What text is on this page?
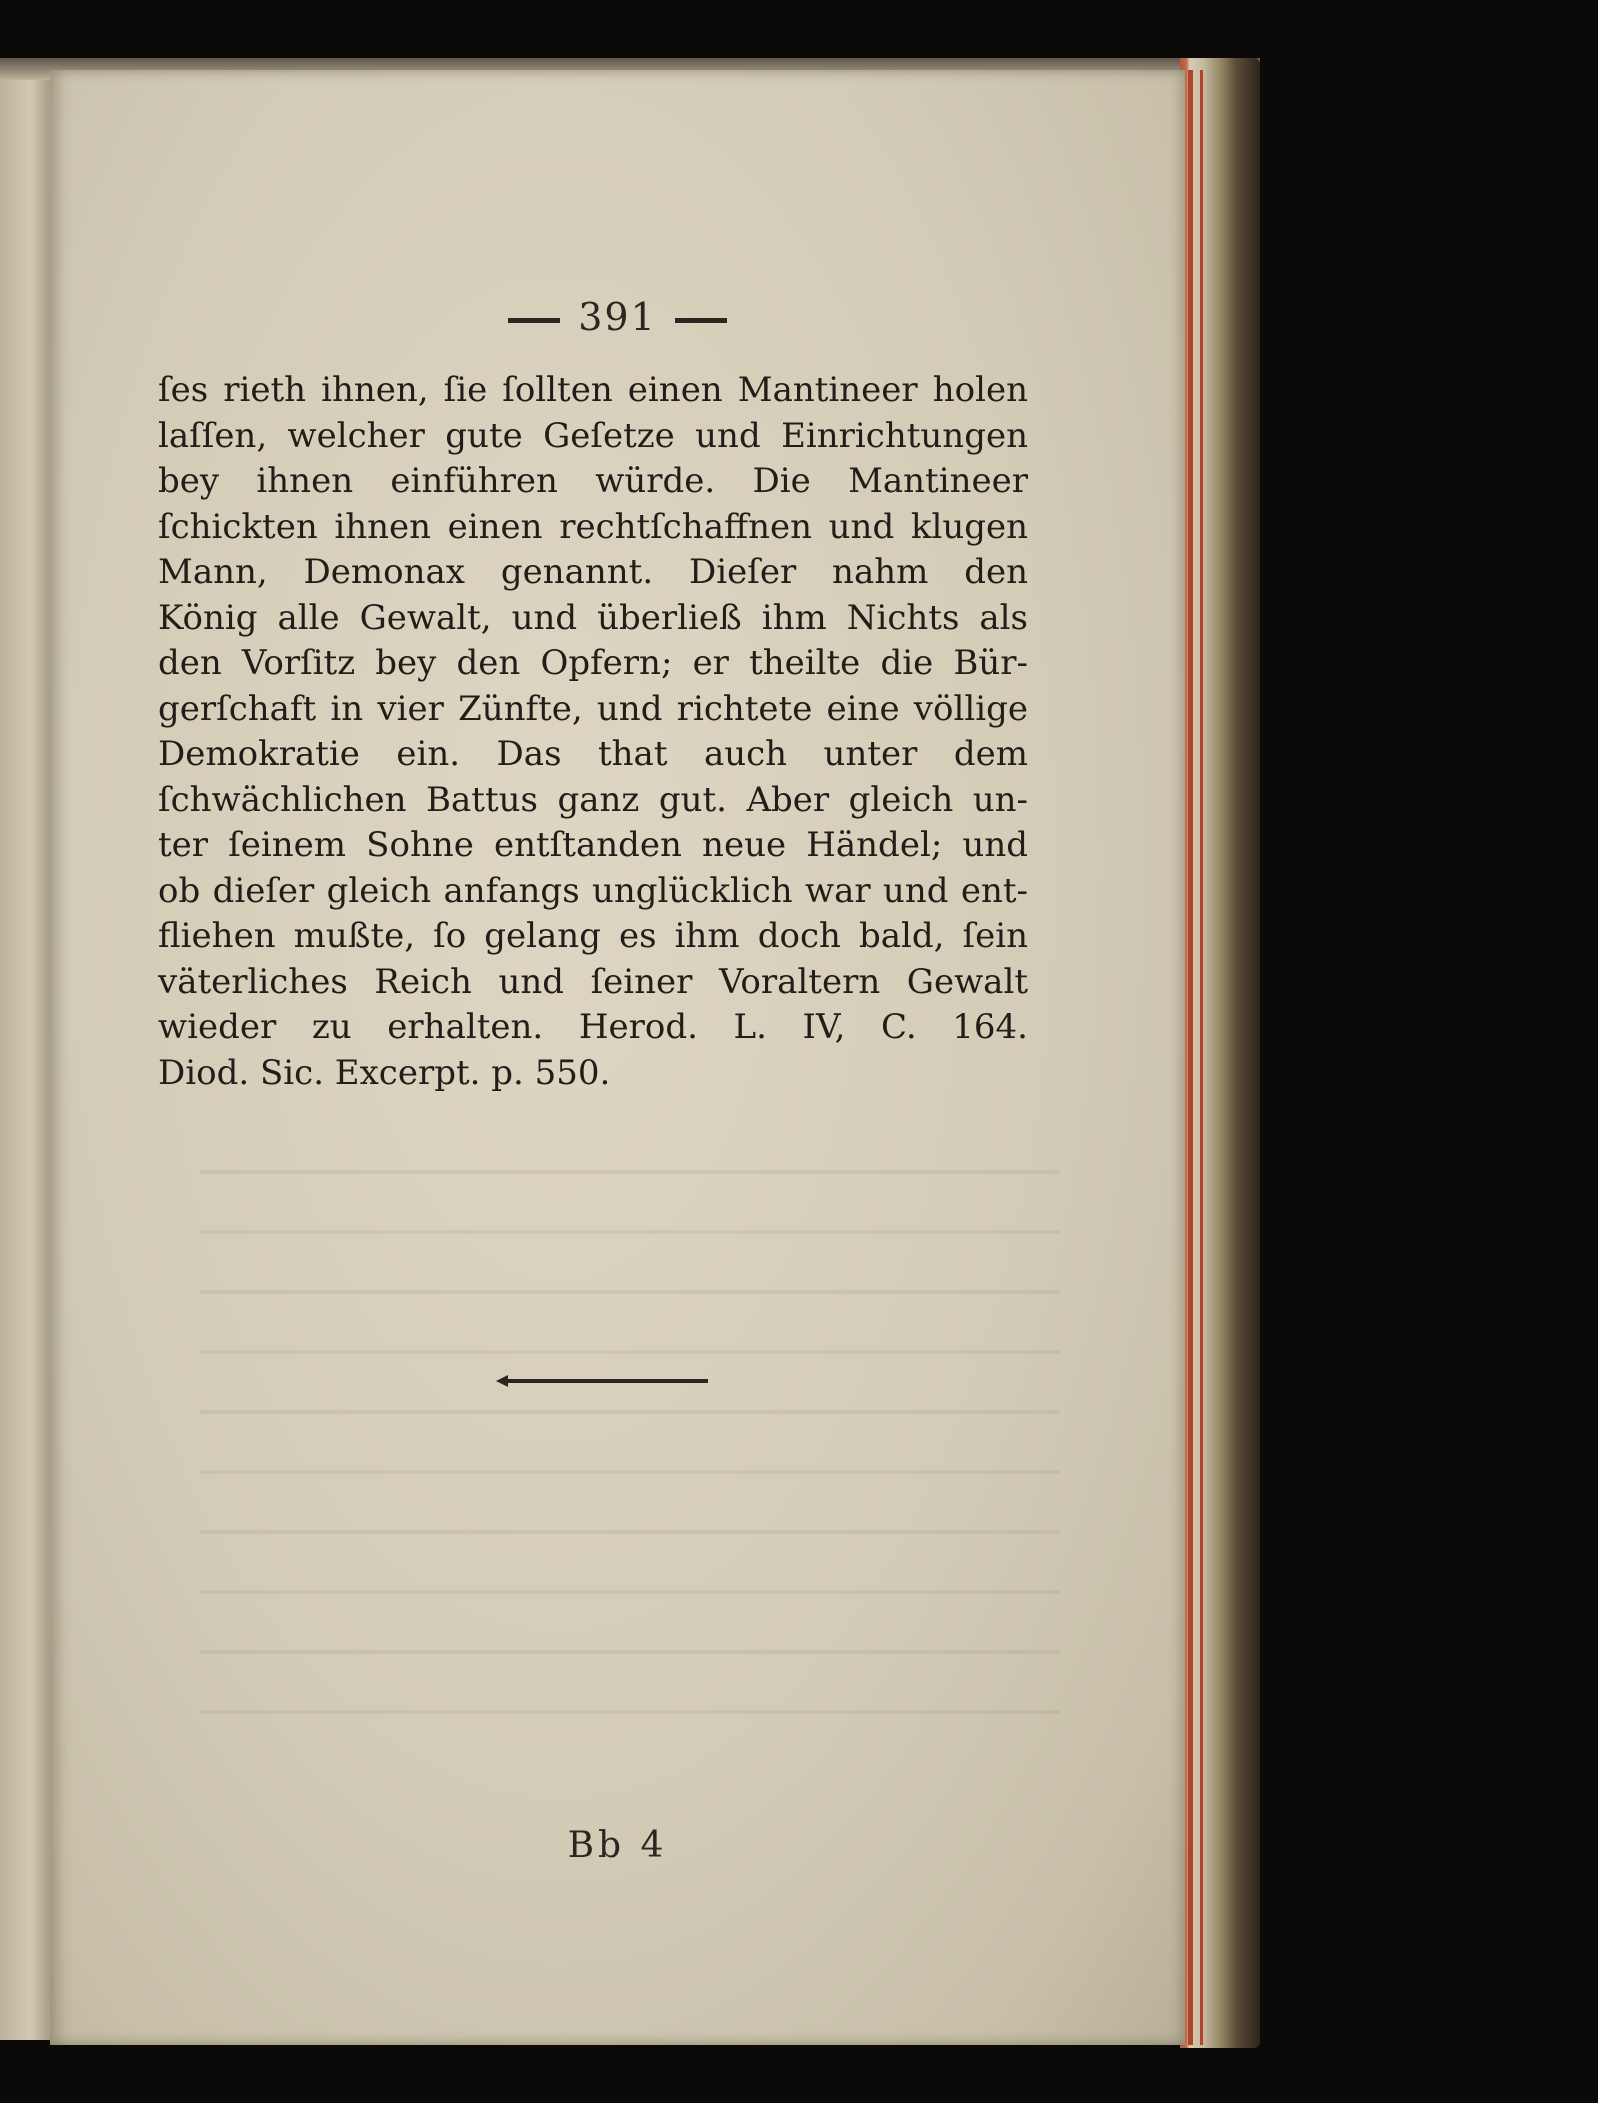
391
ſes rieth ihnen, ſie ſollten einen Mantineer holen
laſſen, welcher gute Geſetze und Einrichtungen
bey ihnen einführen würde. Die Mantineer
ſchickten ihnen einen rechtſchaffnen und klugen
Mann, Demonax genannt. Dieſer nahm den
König alle Gewalt, und überließ ihm Nichts als
den Vorſitz bey den Opfern; er theilte die Bür-
gerſchaft in vier Zünfte, und richtete eine völlige
Demokratie ein. Das that auch unter dem
ſchwächlichen Battus ganz gut. Aber gleich un-
ter ſeinem Sohne entſtanden neue Händel; und
ob dieſer gleich anfangs unglücklich war und ent-
fliehen mußte, ſo gelang es ihm doch bald, ſein
väterliches Reich und ſeiner Voraltern Gewalt
wieder zu erhalten. Herod. L. IV, C. 164.
Diod. Sic. Excerpt. p. 550.
Bb 4
